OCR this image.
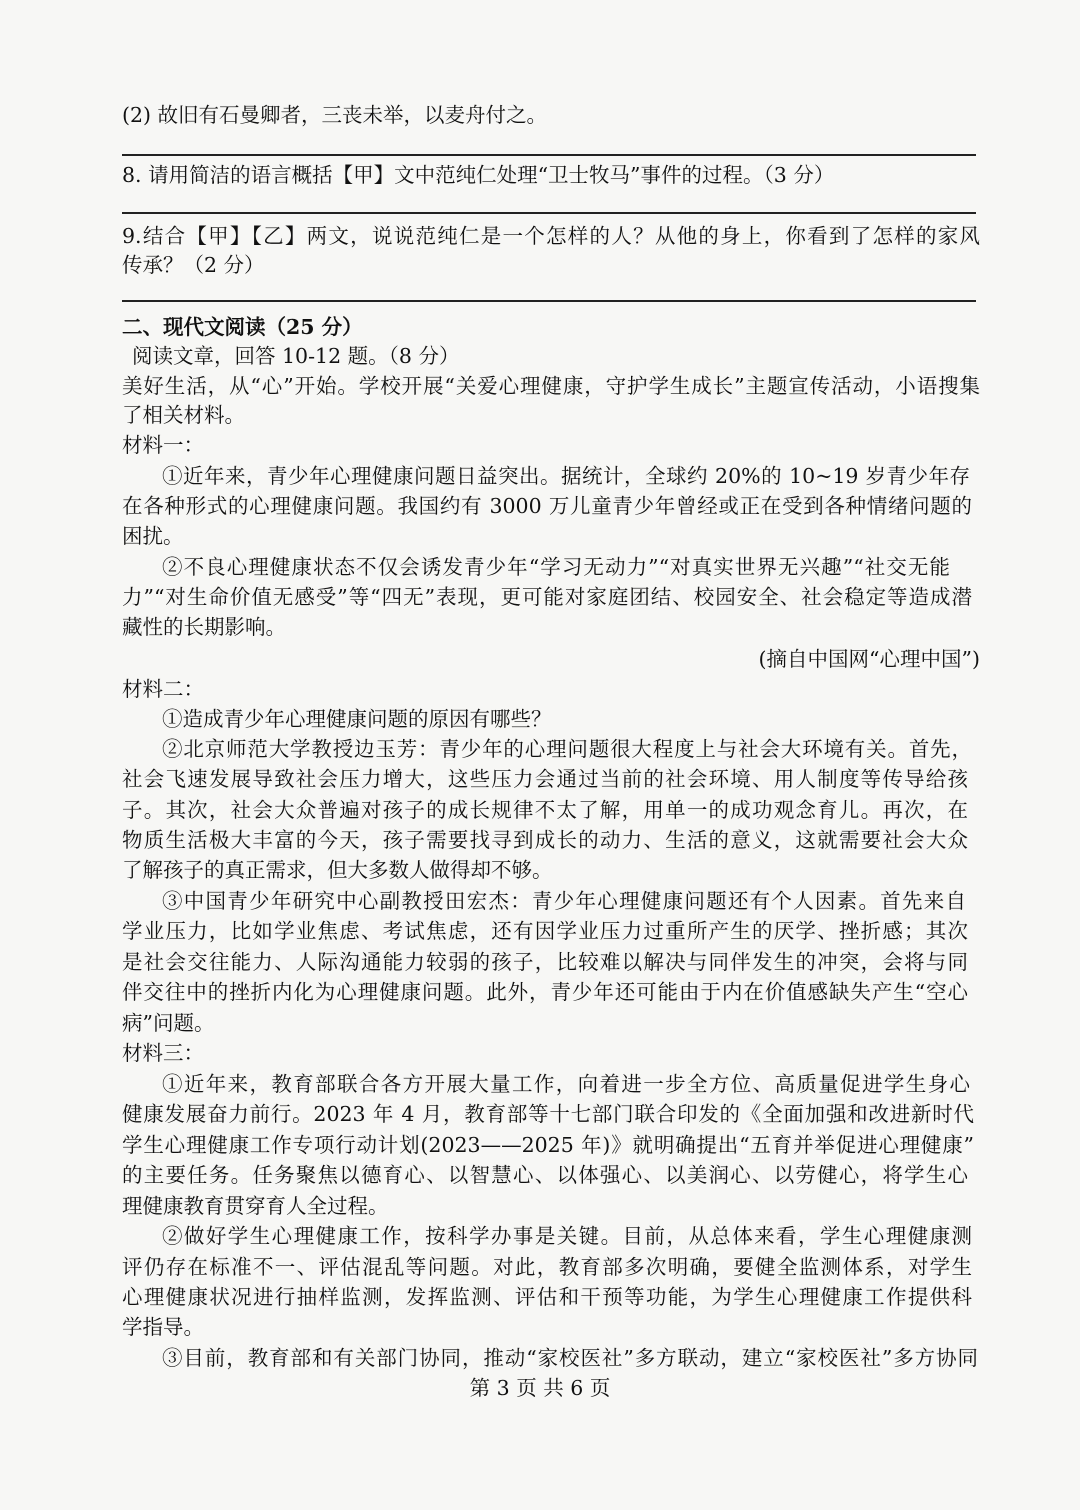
(2) 故旧有石曼卿者，三丧未举，以麦舟付之。
8. 请用简洁的语言概括【甲】文中范纯仁处理“卫士牧马”事件的过程。（3 分）
9.结合【甲】【乙】两文，说说范纯仁是一个怎样的人？从他的身上，你看到了怎样的家风
传承？（2 分）
二、现代文阅读（25 分）
阅读文章，回答 10-12 题。（8 分）
美好生活，从“心”开始。学校开展“关爱心理健康，守护学生成长”主题宣传活动，小语搜集
了相关材料。
材料一：
①近年来，青少年心理健康问题日益突出。据统计，全球约 20%的 10~19 岁青少年存
在各种形式的心理健康问题。我国约有 3000 万儿童青少年曾经或正在受到各种情绪问题的
困扰。
②不良心理健康状态不仅会诱发青少年“学习无动力”“对真实世界无兴趣”“社交无能
力”“对生命价值无感受”等“四无”表现，更可能对家庭团结、校园安全、社会稳定等造成潜
藏性的长期影响。
(摘自中国网“心理中国”)
材料二：
①造成青少年心理健康问题的原因有哪些？
②北京师范大学教授边玉芳：青少年的心理问题很大程度上与社会大环境有关。首先，
社会飞速发展导致社会压力增大，这些压力会通过当前的社会环境、用人制度等传导给孩
子。其次，社会大众普遍对孩子的成长规律不太了解，用单一的成功观念育儿。再次，在
物质生活极大丰富的今天，孩子需要找寻到成长的动力、生活的意义，这就需要社会大众
了解孩子的真正需求，但大多数人做得却不够。
③中国青少年研究中心副教授田宏杰：青少年心理健康问题还有个人因素。首先来自
学业压力，比如学业焦虑、考试焦虑，还有因学业压力过重所产生的厌学、挫折感；其次
是社会交往能力、人际沟通能力较弱的孩子，比较难以解决与同伴发生的冲突，会将与同
伴交往中的挫折内化为心理健康问题。此外，青少年还可能由于内在价值感缺失产生“空心
病”问题。
材料三：
①近年来，教育部联合各方开展大量工作，向着进一步全方位、高质量促进学生身心
健康发展奋力前行。2023 年 4 月，教育部等十七部门联合印发的《全面加强和改进新时代
学生心理健康工作专项行动计划(2023——2025 年)》就明确提出“五育并举促进心理健康”
的主要任务。任务聚焦以德育心、以智慧心、以体强心、以美润心、以劳健心，将学生心
理健康教育贯穿育人全过程。
②做好学生心理健康工作，按科学办事是关键。目前，从总体来看，学生心理健康测
评仍存在标准不一、评估混乱等问题。对此，教育部多次明确，要健全监测体系，对学生
心理健康状况进行抽样监测，发挥监测、评估和干预等功能，为学生心理健康工作提供科
学指导。
③目前，教育部和有关部门协同，推动“家校医社”多方联动，建立“家校医社”多方协同
第 3 页 共 6 页
